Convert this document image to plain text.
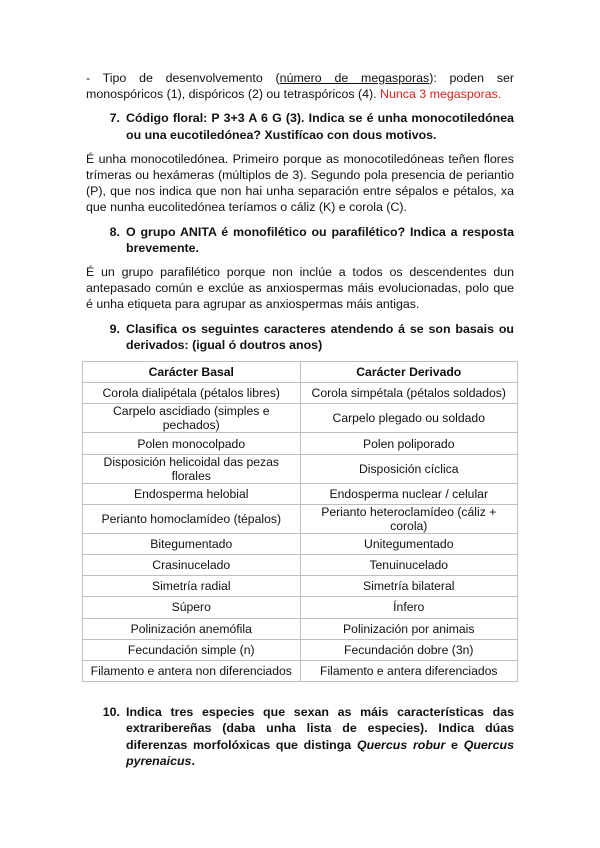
- Tipo de desenvolvemento (número de megasporas): poden ser monospóricos (1), dispóricos (2) ou tetraspóricos (4). Nunca 3 megasporas.

7. Código floral: P 3+3 A 6 G (3). Indica se é unha monocotiledónea ou una eucotiledónea? Xustifícao con dous motivos.

É unha monocotiledónea. Primeiro porque as monocotiledóneas teñen flores trímeras ou hexámeras (múltiplos de 3). Segundo pola presencia de periantio (P), que nos indica que non hai unha separación entre sépalos e pétalos, xa que nunha eucolitedónea teríamos o cáliz (K) e corola (C).

8. O grupo ANITA é monofilético ou parafilético? Indica a resposta brevemente.

É un grupo parafilético porque non inclúe a todos os descendentes dun antepasado común e exclúe as anxiospermas máis evolucionadas, polo que é unha etiqueta para agrupar as anxiospermas máis antigas.

9. Clasifica os seguintes caracteres atendendo á se son basais ou derivados: (igual ó doutros anos)
Carácter Basal	Carácter Derivado
Corola dialipétala (pétalos libres)	Corola simpétala (pétalos soldados)
Carpelo ascidiado (simples e pechados)	Carpelo plegado ou soldado
Polen monocolpado	Polen poliporado
Disposición helicoidal das pezas florales	Disposición cíclica
Endosperma helobial	Endosperma nuclear / celular
Perianto homoclamídeo (tépalos)	Perianto heteroclamídeo (cáliz + corola)
Bitegumentado	Unitegumentado
Crasinucelado	Tenuinucelado
Simetría radial	Simetría bilateral
Súpero	Ínfero
Polinización anemófila	Polinización por animais
Fecundación simple (n)	Fecundación dobre (3n)
Filamento e antera non diferenciados	Filamento e antera diferenciados
10. Indica tres especies que sexan as máis características das extraribereñas (daba unha lista de especies). Indica dúas diferenzas morfolóxicas que distinga Quercus robur e Quercus pyrenaicus.
